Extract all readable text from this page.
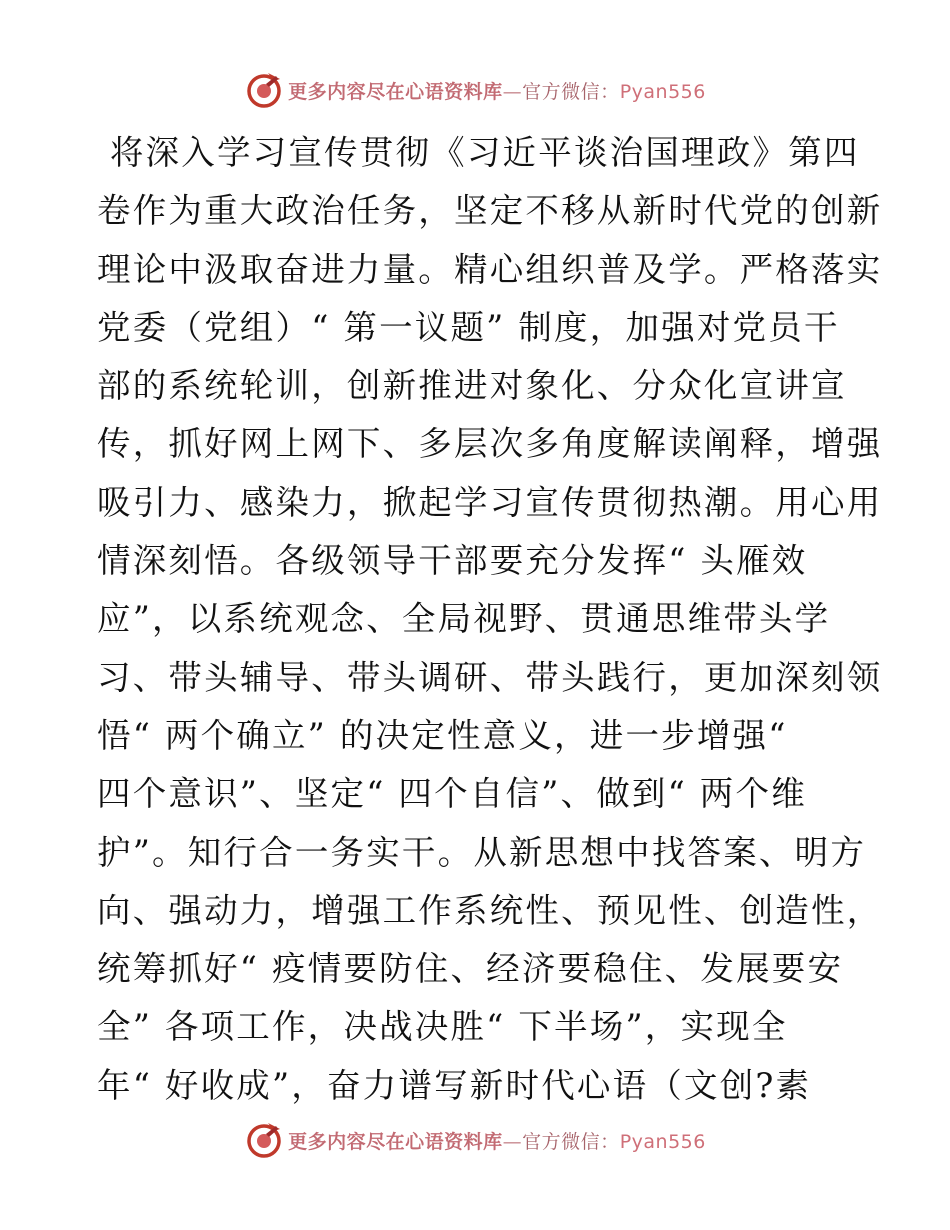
更多内容尽在心语资料库—官方微信：Pyan556
将深入学习宣传贯彻《习近平谈治国理政》第四
卷作为重大政治任务，坚定不移从新时代党的创新
理论中汲取奋进力量。精心组织普及学。严格落实
党委（党组）“ 第一议题” 制度，加强对党员干
部的系统轮训，创新推进对象化、分众化宣讲宣
传，抓好网上网下、多层次多角度解读阐释，增强
吸引力、感染力，掀起学习宣传贯彻热潮。用心用
情深刻悟。各级领导干部要充分发挥“ 头雁效
应”，以系统观念、全局视野、贯通思维带头学
习、带头辅导、带头调研、带头践行，更加深刻领
悟“ 两个确立” 的决定性意义，进一步增强“
四个意识”、坚定“ 四个自信”、做到“ 两个维
护”。知行合一务实干。从新思想中找答案、明方
向、强动力，增强工作系统性、预见性、创造性，
统筹抓好“ 疫情要防住、经济要稳住、发展要安
全” 各项工作，决战决胜“ 下半场”，实现全
年“ 好收成”，奋力谱写新时代心语（文创?素
更多内容尽在心语资料库—官方微信：Pyan556
